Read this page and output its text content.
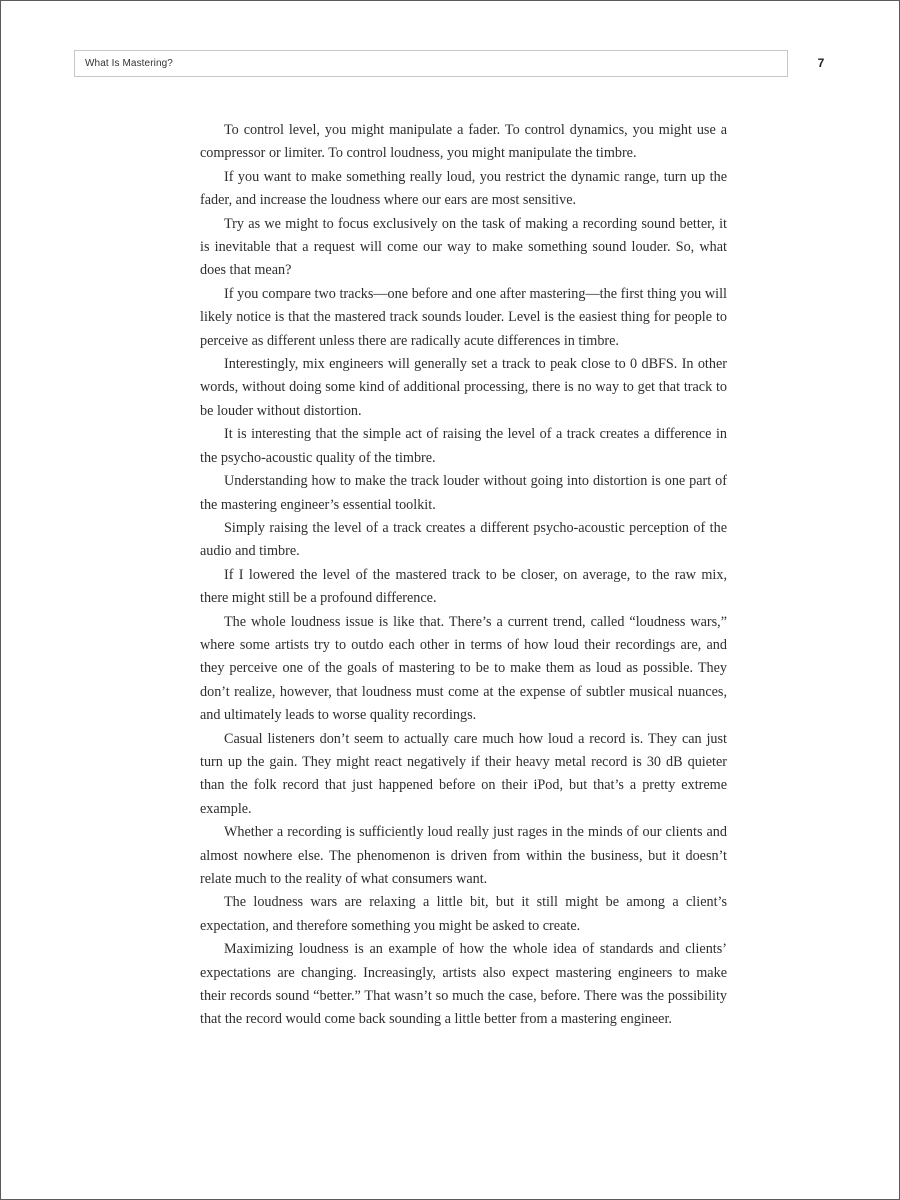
What Is Mastering?	7

To control level, you might manipulate a fader. To control dynamics, you might use a compressor or limiter. To control loudness, you might manipulate the timbre.

If you want to make something really loud, you restrict the dynamic range, turn up the fader, and increase the loudness where our ears are most sensitive.

Try as we might to focus exclusively on the task of making a recording sound better, it is inevitable that a request will come our way to make something sound louder. So, what does that mean?

If you compare two tracks—one before and one after mastering—the first thing you will likely notice is that the mastered track sounds louder. Level is the easiest thing for people to perceive as different unless there are radically acute differences in timbre.

Interestingly, mix engineers will generally set a track to peak close to 0 dBFS. In other words, without doing some kind of additional processing, there is no way to get that track to be louder without distortion.

It is interesting that the simple act of raising the level of a track creates a difference in the psycho-acoustic quality of the timbre.

Understanding how to make the track louder without going into distortion is one part of the mastering engineer’s essential toolkit.

Simply raising the level of a track creates a different psycho-acoustic perception of the audio and timbre.

If I lowered the level of the mastered track to be closer, on average, to the raw mix, there might still be a profound difference.

The whole loudness issue is like that. There’s a current trend, called “loudness wars,” where some artists try to outdo each other in terms of how loud their recordings are, and they perceive one of the goals of mastering to be to make them as loud as possible. They don’t realize, however, that loudness must come at the expense of subtler musical nuances, and ultimately leads to worse quality recordings.

Casual listeners don’t seem to actually care much how loud a record is. They can just turn up the gain. They might react negatively if their heavy metal record is 30 dB quieter than the folk record that just happened before on their iPod, but that’s a pretty extreme example.

Whether a recording is sufficiently loud really just rages in the minds of our clients and almost nowhere else. The phenomenon is driven from within the business, but it doesn’t relate much to the reality of what consumers want.

The loudness wars are relaxing a little bit, but it still might be among a client’s expectation, and therefore something you might be asked to create.

Maximizing loudness is an example of how the whole idea of standards and clients’ expectations are changing. Increasingly, artists also expect mastering engineers to make their records sound “better.” That wasn’t so much the case, before. There was the possibility that the record would come back sounding a little better from a mastering engineer.
